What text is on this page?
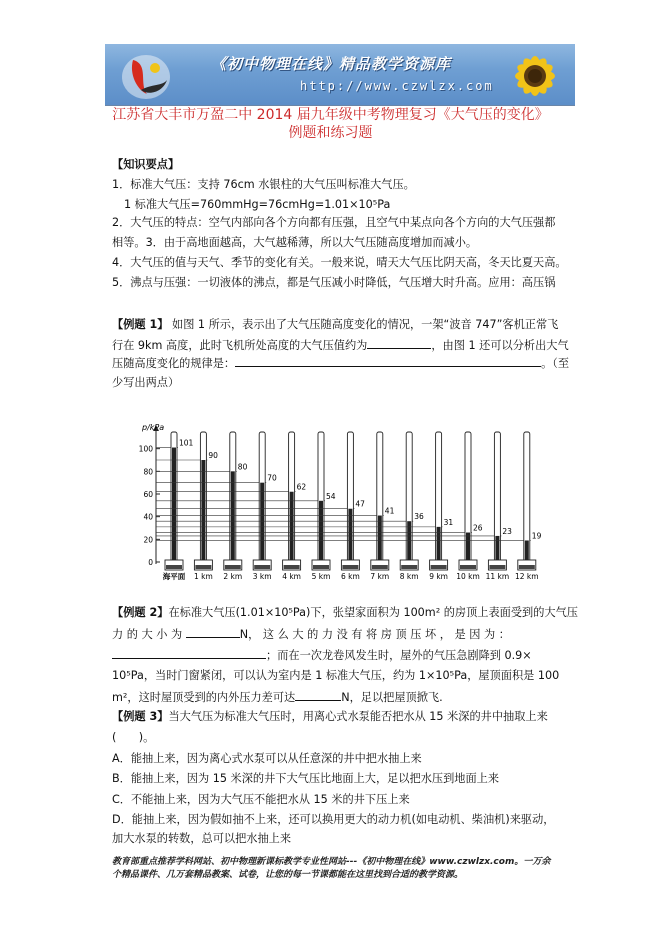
《初中物理在线》精品教学资源库
http://www.czwlzx.com
江苏省大丰市万盈二中 2014 届九年级中考物理复习《大气压的变化》
例题和练习题
【知识要点】
1．标准大气压：支持 76cm 水银柱的大气压叫标准大气压。
1 标准大气压=760mmHg=76cmHg=1.01×10⁵Pa
2．大气压的特点：空气内部向各个方向都有压强，且空气中某点向各个方向的大气压强都
相等。3．由于高地面越高，大气越稀薄，所以大气压随高度增加而减小。
4．大气压的值与天气、季节的变化有关。一般来说，晴天大气压比阴天高，冬天比夏天高。
5．沸点与压强：一切液体的沸点，都是气压减小时降低，气压增大时升高。应用：高压锅
【例题 1】 如图 1 所示，表示出了大气压随高度变化的情况，一架“波音 747”客机正常飞
行在 9km 高度，此时飞机所处高度的大气压值约为	，由图 1 还可以分析出大气
压随高度变化的规律是：	。（至
少写出两点）
p/kPa
0
20
40
60
80
100
101
海平面
90
1 km
80
2 km
70
3 km
62
4 km
54
5 km
47
6 km
41
7 km
36
8 km
31
9 km
26
10 km
23
11 km
19
12 km
【例题 2】在标准大气压(1.01×10⁵Pa)下，张望家面积为 100m² 的房顶上表面受到的大气压
力 的 大 小 为	N， 这 么 大 的 力 没 有 将 房 顶 压 坏 ， 是 因 为 ：
；而在一次龙卷风发生时，屋外的气压急剧降到 0.9×
10⁵Pa，当时门窗紧闭，可以认为室内是 1 标准大气压，约为 1×10⁵Pa，屋顶面积是 100
m²，这时屋顶受到的内外压力差可达	N，足以把屋顶掀飞.
【例题 3】当大气压为标准大气压时，用离心式水泵能否把水从 15 米深的井中抽取上来
(　　)。
A．能抽上来，因为离心式水泵可以从任意深的井中把水抽上来
B．能抽上来，因为 15 米深的井下大气压比地面上大，足以把水压到地面上来
C．不能抽上来，因为大气压不能把水从 15 米的井下压上来
D．能抽上来，因为假如抽不上来，还可以换用更大的动力机(如电动机、柴油机)来驱动，
加大水泵的转数，总可以把水抽上来
教育部重点推荐学科网站、初中物理新课标教学专业性网站---《初中物理在线》www.czwlzx.com。一万余
个精品课件、几万套精品教案、试卷，让您的每一节课都能在这里找到合适的教学资源。
